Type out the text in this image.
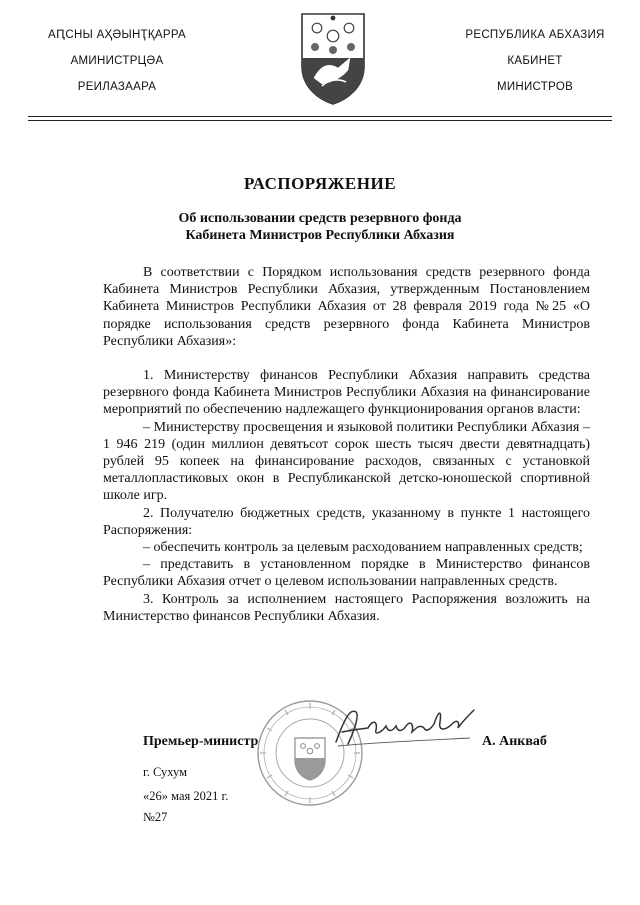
АԤСНЫ АҲӘЫНҬҚАРРА
АМИНИСТРЦӘА
РЕИЛАЗААРА
РЕСПУБЛИКА АБХАЗИЯ
КАБИНЕТ
МИНИСТРОВ
РАСПОРЯЖЕНИЕ
Об использовании средств резервного фонда
Кабинета Министров Республики Абхазия

В соответствии с Порядком использования средств резервного фонда Кабинета Министров Республики Абхазия, утвержденным Постановлением Кабинета Министров Республики Абхазия от 28 февраля 2019 года №25 «О порядке использования средств резервного фонда Кабинета Министров Республики Абхазия»:

1. Министерству финансов Республики Абхазия направить средства резервного фонда Кабинета Министров Республики Абхазия на финансирование мероприятий по обеспечению надлежащего функционирования органов власти:

– Министерству просвещения и языковой политики Республики Абхазия – 1 946 219 (один миллион девятьсот сорок шесть тысяч двести девятнадцать) рублей 95 копеек на финансирование расходов, связанных с установкой металлопластиковых окон в Республиканской детско-юношеской спортивной школе игр.

2. Получателю бюджетных средств, указанному в пункте 1 настоящего Распоряжения:

– обеспечить контроль за целевым расходованием направленных средств;

– представить в установленном порядке в Министерство финансов Республики Абхазия отчет о целевом использовании направленных средств.

3. Контроль за исполнением настоящего Распоряжения возложить на Министерство финансов Республики Абхазия.

Премьер-министр	А. Анкваб
г. Сухум
«26» мая 2021 г.
№27
